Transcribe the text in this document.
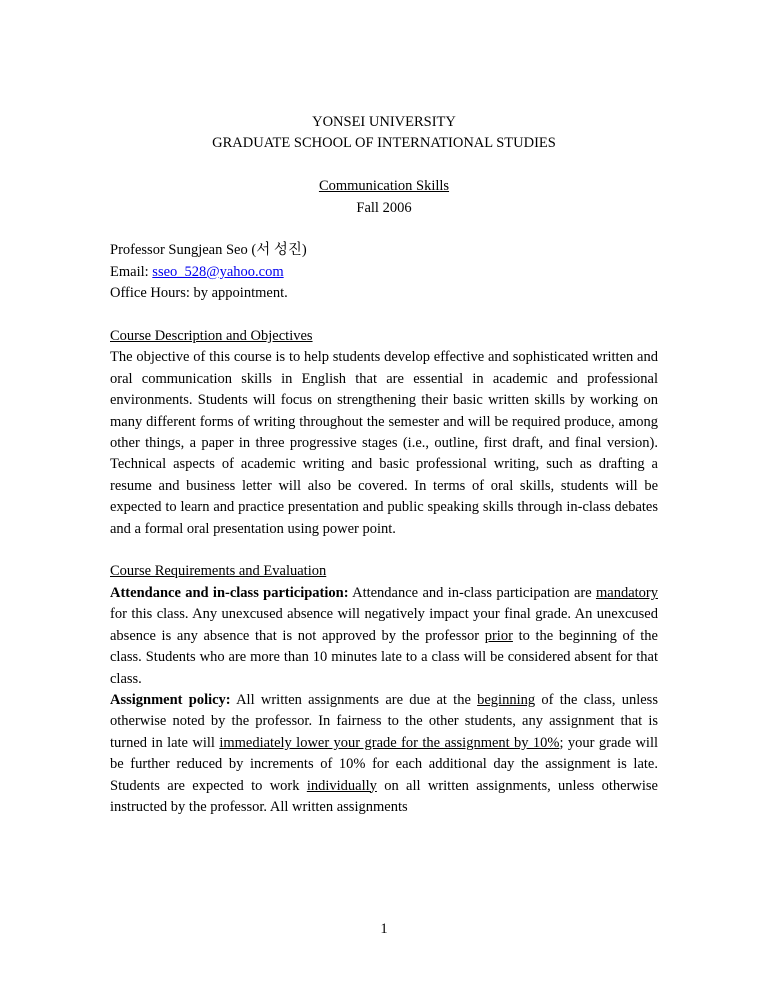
YONSEI UNIVERSITY
GRADUATE SCHOOL OF INTERNATIONAL STUDIES
Communication Skills
Fall 2006
Professor Sungjean Seo (서 성진)
Email: sseo_528@yahoo.com
Office Hours: by appointment.
Course Description and Objectives

The objective of this course is to help students develop effective and sophisticated written and oral communication skills in English that are essential in academic and professional environments. Students will focus on strengthening their basic written skills by working on many different forms of writing throughout the semester and will be required produce, among other things, a paper in three progressive stages (i.e., outline, first draft, and final version). Technical aspects of academic writing and basic professional writing, such as drafting a resume and business letter will also be covered. In terms of oral skills, students will be expected to learn and practice presentation and public speaking skills through in-class debates and a formal oral presentation using power point.

Course Requirements and Evaluation

Attendance and in-class participation: Attendance and in-class participation are mandatory for this class. Any unexcused absence will negatively impact your final grade. An unexcused absence is any absence that is not approved by the professor prior to the beginning of the class. Students who are more than 10 minutes late to a class will be considered absent for that class.

Assignment policy: All written assignments are due at the beginning of the class, unless otherwise noted by the professor. In fairness to the other students, any assignment that is turned in late will immediately lower your grade for the assignment by 10%; your grade will be further reduced by increments of 10% for each additional day the assignment is late. Students are expected to work individually on all written assignments, unless otherwise instructed by the professor. All written assignments

1
